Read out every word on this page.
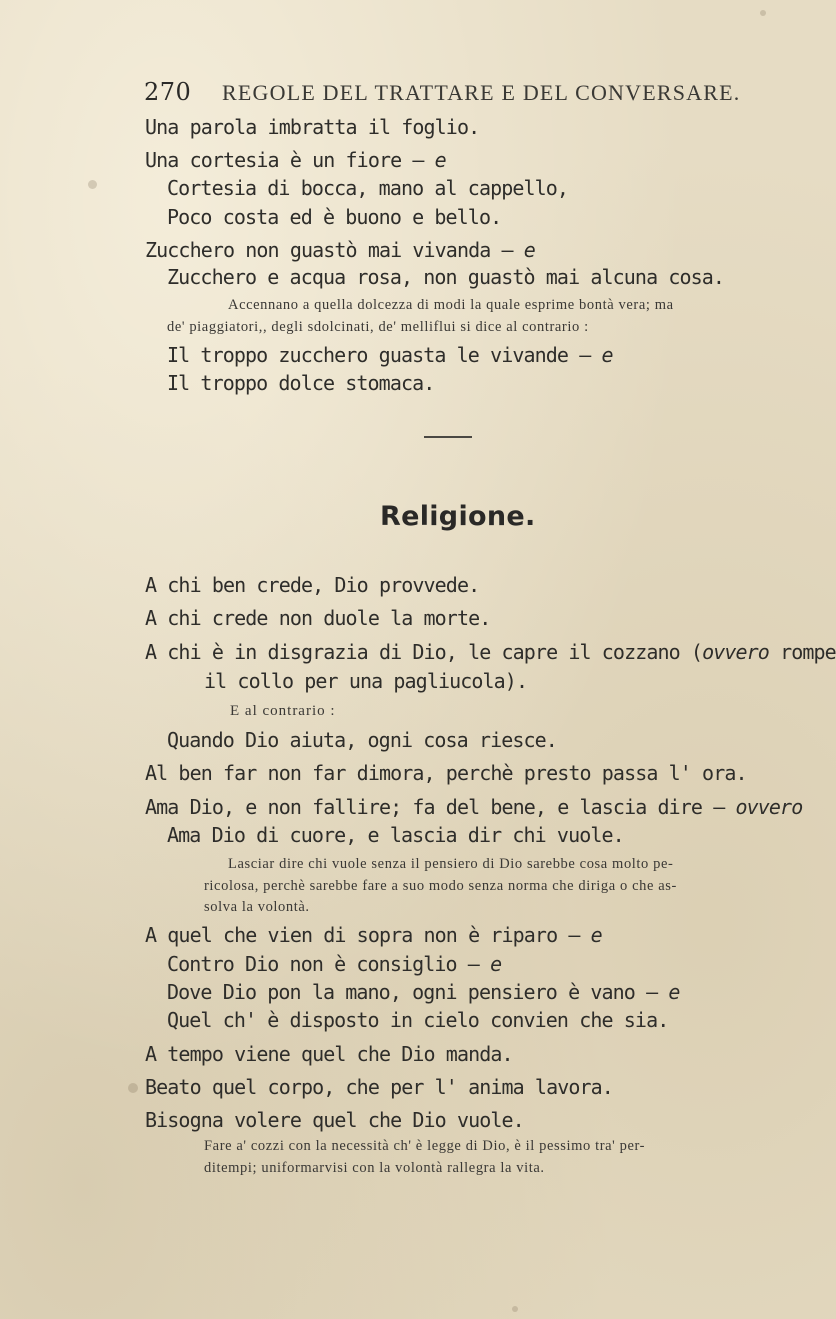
270 REGOLE DEL TRATTARE E DEL CONVERSARE.
Una parola imbratta il foglio.
Una cortesia è un fiore — e
Cortesia di bocca, mano al cappello,
Poco costa ed è buono e bello.
Zucchero non guastò mai vivanda — e
Zucchero e acqua rosa, non guastò mai alcuna cosa.
Accennano a quella dolcezza di modi la quale esprime bontà vera; ma
de' piaggiatori,, degli sdolcinati, de' melliflui si dice al contrario :
Il troppo zucchero guasta le vivande — e
Il troppo dolce stomaca.
Religione.
A chi ben crede, Dio provvede.
A chi crede non duole la morte.
A chi è in disgrazia di Dio, le capre il cozzano (ovvero rompe
il collo per una pagliucola).
E al contrario :
Quando Dio aiuta, ogni cosa riesce.
Al ben far non far dimora, perchè presto passa l' ora.
Ama Dio, e non fallire; fa del bene, e lascia dire — ovvero
Ama Dio di cuore, e lascia dir chi vuole.
Lasciar dire chi vuole senza il pensiero di Dio sarebbe cosa molto pe-
ricolosa, perchè sarebbe fare a suo modo senza norma che diriga o che as-
solva la volontà.
A quel che vien di sopra non è riparo — e
Contro Dio non è consiglio — e
Dove Dio pon la mano, ogni pensiero è vano — e
Quel ch' è disposto in cielo convien che sia.
A tempo viene quel che Dio manda.
Beato quel corpo, che per l' anima lavora.
Bisogna volere quel che Dio vuole.
Fare a' cozzi con la necessità ch' è legge di Dio, è il pessimo tra' per-
ditempi; uniformarvisi con la volontà rallegra la vita.
